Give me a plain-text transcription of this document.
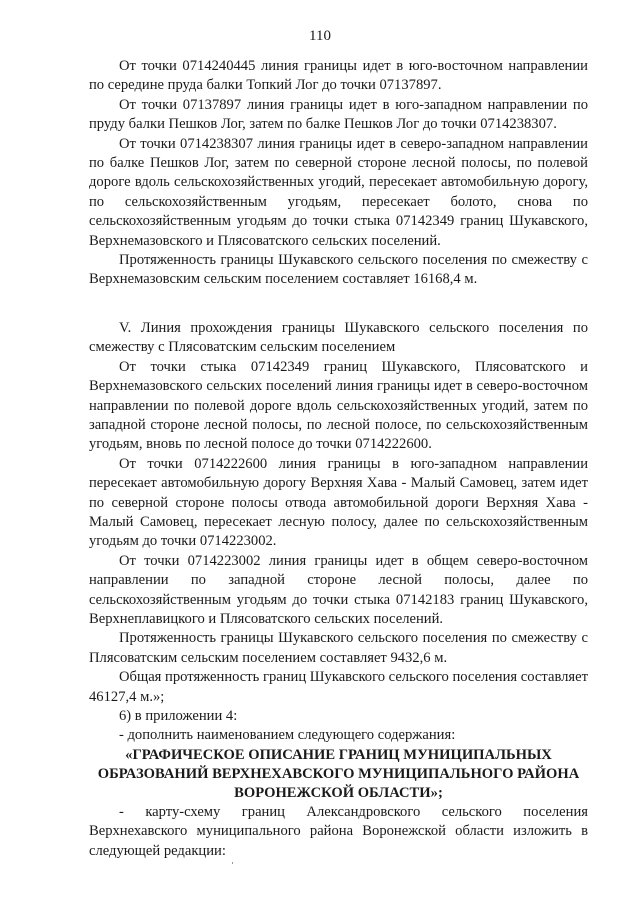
110

От точки 0714240445 линия границы идет в юго-восточном направлении по середине пруда балки Топкий Лог до точки 07137897.

От точки 07137897 линия границы идет в юго-западном направлении по пруду балки Пешков Лог, затем по балке Пешков Лог до точки 0714238307.

От точки 0714238307 линия границы идет в северо-западном направлении по балке Пешков Лог, затем по северной стороне лесной полосы, по полевой дороге вдоль сельскохозяйственных угодий, пересекает автомобильную дорогу, по сельскохозяйственным угодьям, пересекает болото, снова по сельскохозяйственным угодьям до точки стыка 07142349 границ Шукавского, Верхнемазовского и Плясоватского сельских поселений.

Протяженность границы Шукавского сельского поселения по смежеству с Верхнемазовским сельским поселением составляет 16168,4 м.

V. Линия прохождения границы Шукавского сельского поселения по смежеству с Плясоватским сельским поселением

От точки стыка 07142349 границ Шукавского, Плясоватского и Верхнемазовского сельских поселений линия границы идет в северо-восточном направлении по полевой дороге вдоль сельскохозяйственных угодий, затем по западной стороне лесной полосы, по лесной полосе, по сельскохозяйственным угодьям, вновь по лесной полосе до точки 0714222600.

От точки 0714222600 линия границы в юго-западном направлении пересекает автомобильную дорогу Верхняя Хава - Малый Самовец, затем идет по северной стороне полосы отвода автомобильной дороги Верхняя Хава - Малый Самовец, пересекает лесную полосу, далее по сельскохозяйственным угодьям до точки 0714223002.

От точки 0714223002 линия границы идет в общем северо-восточном направлении по западной стороне лесной полосы, далее по сельскохозяйственным угодьям до точки стыка 07142183 границ Шукавского, Верхнеплавицкого и Плясоватского сельских поселений.

Протяженность границы Шукавского сельского поселения по смежеству с Плясоватским сельским поселением составляет 9432,6 м.

Общая протяженность границ Шукавского сельского поселения составляет 46127,4 м.»;

6) в приложении 4:

- дополнить наименованием следующего содержания:

«ГРАФИЧЕСКОЕ ОПИСАНИЕ ГРАНИЦ МУНИЦИПАЛЬНЫХ ОБРАЗОВАНИЙ ВЕРХНЕХАВСКОГО МУНИЦИПАЛЬНОГО РАЙОНА ВОРОНЕЖСКОЙ ОБЛАСТИ»;

- карту-схему границ Александровского сельского поселения Верхнехавского муниципального района Воронежской области изложить в следующей редакции:
